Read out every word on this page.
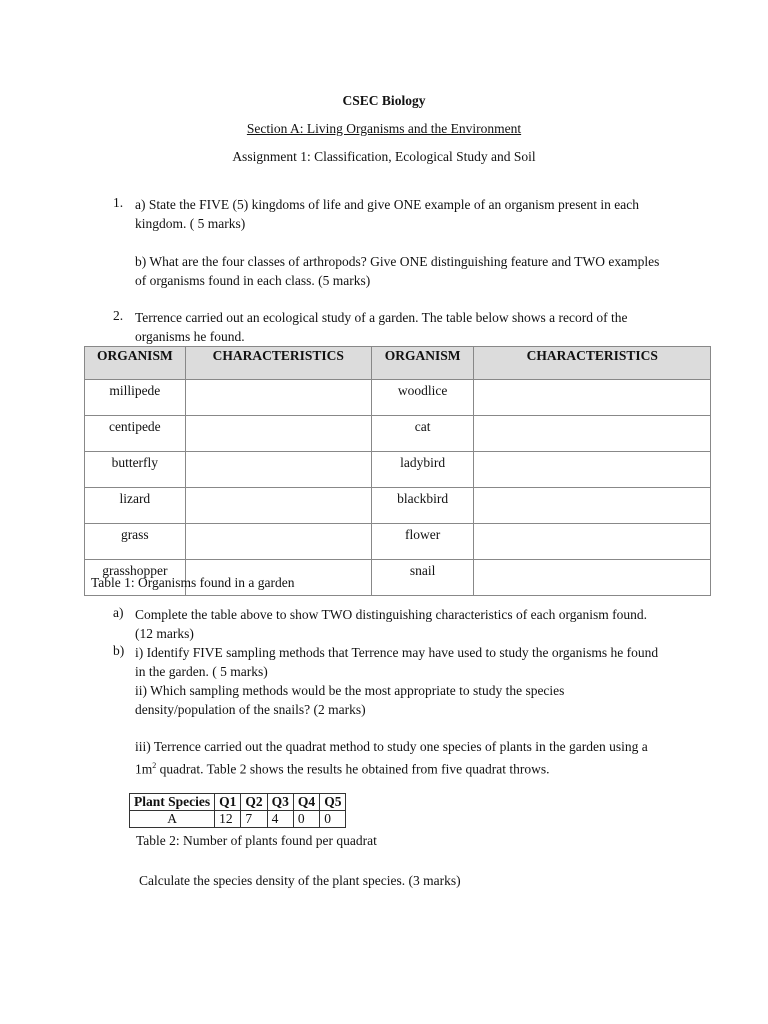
CSEC Biology
Section A: Living Organisms and the Environment
Assignment 1: Classification, Ecological Study and Soil
1. a) State the FIVE (5) kingdoms of life and give ONE example of an organism present in each

kingdom. ( 5 marks)

b) What are the four classes of arthropods? Give ONE distinguishing feature and TWO examples

of organisms found in each class. (5 marks)

2. Terrence carried out an ecological study of a garden. The table below shows a record of the

organisms he found.

ORGANISM	CHARACTERISTICS	ORGANISM	CHARACTERISTICS
millipede		woodlice	
centipede		cat	
butterfly		ladybird	
lizard		blackbird	
grass		flower	
grasshopper		snail	
Table 1: Organisms found in a garden
a) Complete the table above to show TWO distinguishing characteristics of each organism found.

(12 marks)

b) i) Identify FIVE sampling methods that Terrence may have used to study the organisms he found

in the garden. ( 5 marks)

ii) Which sampling methods would be the most appropriate to study the species

density/population of the snails? (2 marks)

iii) Terrence carried out the quadrat method to study one species of plants in the garden using a

$1m^2$ quadrat. Table 2 shows the results he obtained from five quadrat throws.

Plant Species	Q1	Q2	Q3	Q4	Q5
A	12	7	4	0	0
Table 2: Number of plants found per quadrat
Calculate the species density of the plant species. (3 marks)
